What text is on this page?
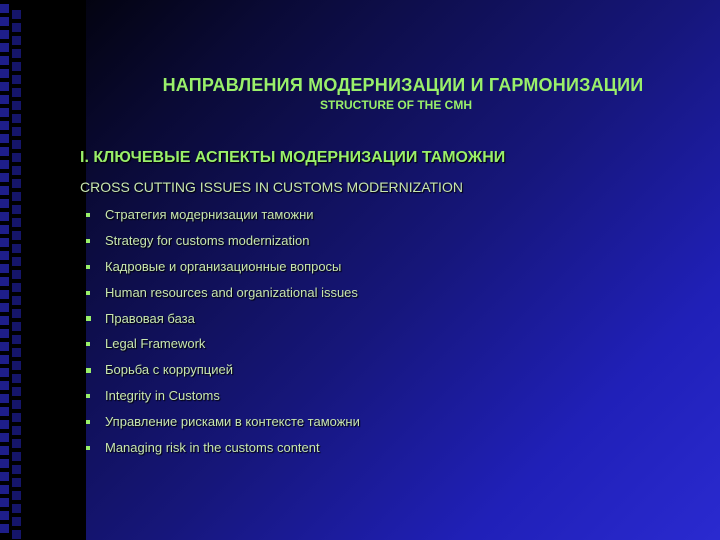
НАПРАВЛЕНИЯ МОДЕРНИЗАЦИИ И ГАРМОНИЗАЦИИ
STRUCTURE OF THE CMH
I. КЛЮЧЕВЫЕ АСПЕКТЫ МОДЕРНИЗАЦИИ ТАМОЖНИ
CROSS CUTTING ISSUES IN CUSTOMS MODERNIZATION
Стратегия модернизации таможни
Strategy for customs modernization
Кадровые и организационные вопросы
Human resources and organizational issues
Правовая база
Legal Framework
Борьба с коррупцией
Integrity in Customs
Управление рисками в контексте таможни
Managing risk in the customs content
